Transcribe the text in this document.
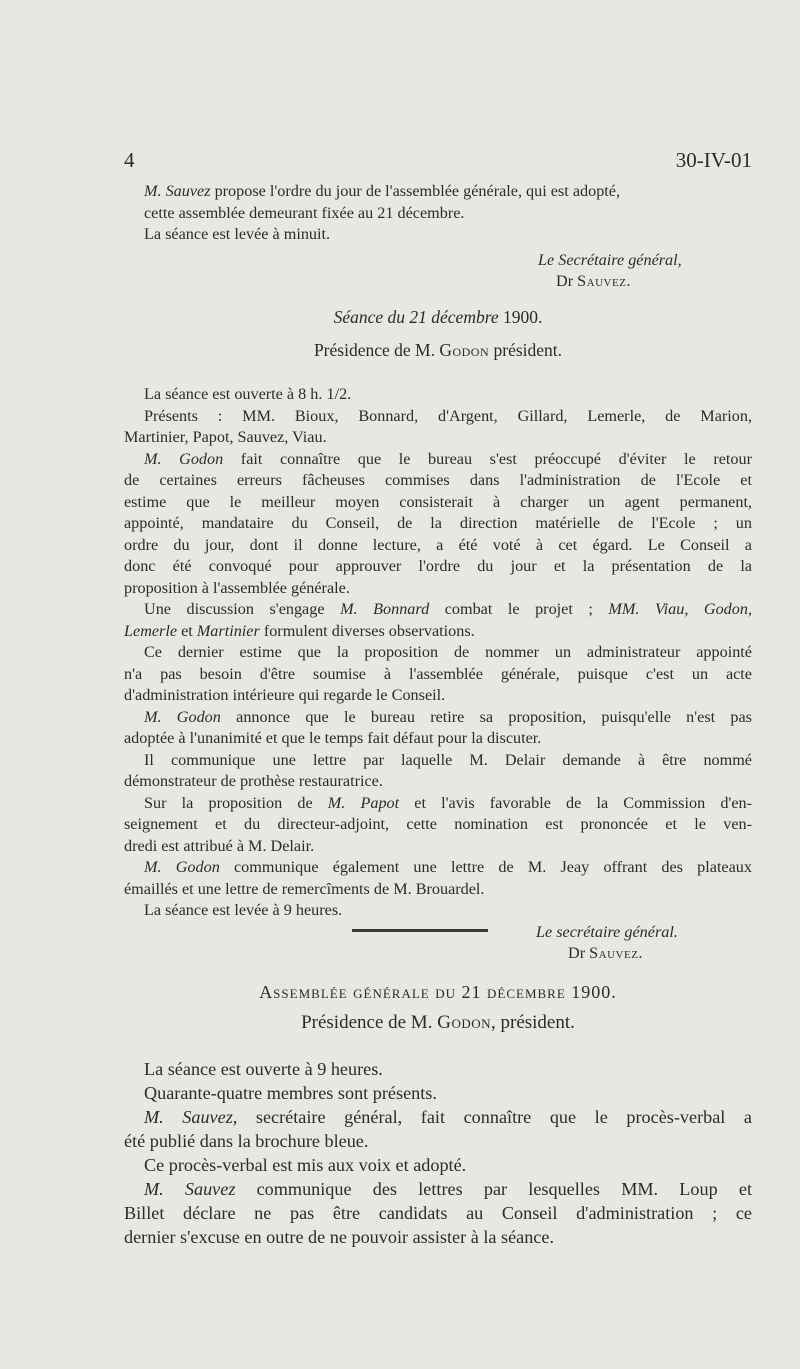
4	30-IV-01
M. Sauvez propose l'ordre du jour de l'assemblée générale, qui est adopté,
cette assemblée demeurant fixée au 21 décembre.
La séance est levée à minuit.
Le Secrétaire général,
Dr Sauvez.
Séance du 21 décembre 1900.
Présidence de M. Godon président.
La séance est ouverte à 8 h. 1/2.
Présents : MM. Bioux, Bonnard, d'Argent, Gillard, Lemerle, de Marion,
Martinier, Papot, Sauvez, Viau.
M. Godon fait connaître que le bureau s'est préoccupé d'éviter le retour
de certaines erreurs fâcheuses commises dans l'administration de l'Ecole et
estime que le meilleur moyen consisterait à charger un agent permanent,
appointé, mandataire du Conseil, de la direction matérielle de l'Ecole ; un
ordre du jour, dont il donne lecture, a été voté à cet égard. Le Conseil a
donc été convoqué pour approuver l'ordre du jour et la présentation de la
proposition à l'assemblée générale.
Une discussion s'engage M. Bonnard combat le projet ; MM. Viau, Godon,
Lemerle et Martinier formulent diverses observations.
Ce dernier estime que la proposition de nommer un administrateur appointé
n'a pas besoin d'être soumise à l'assemblée générale, puisque c'est un acte
d'administration intérieure qui regarde le Conseil.
M. Godon annonce que le bureau retire sa proposition, puisqu'elle n'est pas
adoptée à l'unanimité et que le temps fait défaut pour la discuter.
Il communique une lettre par laquelle M. Delair demande à être nommé
démonstrateur de prothèse restauratrice.
Sur la proposition de M. Papot et l'avis favorable de la Commission d'en-
seignement et du directeur-adjoint, cette nomination est prononcée et le ven-
dredi est attribué à M. Delair.
M. Godon communique également une lettre de M. Jeay offrant des plateaux
émaillés et une lettre de remercîments de M. Brouardel.
La séance est levée à 9 heures.
Le secrétaire général.
Dr Sauvez.
Assemblée générale du 21 décembre 1900.
Présidence de M. Godon, président.
La séance est ouverte à 9 heures.
Quarante-quatre membres sont présents.
M. Sauvez, secrétaire général, fait connaître que le procès-verbal a
été publié dans la brochure bleue.
Ce procès-verbal est mis aux voix et adopté.
M. Sauvez communique des lettres par lesquelles MM. Loup et
Billet déclare ne pas être candidats au Conseil d'administration ; ce
dernier s'excuse en outre de ne pouvoir assister à la séance.
